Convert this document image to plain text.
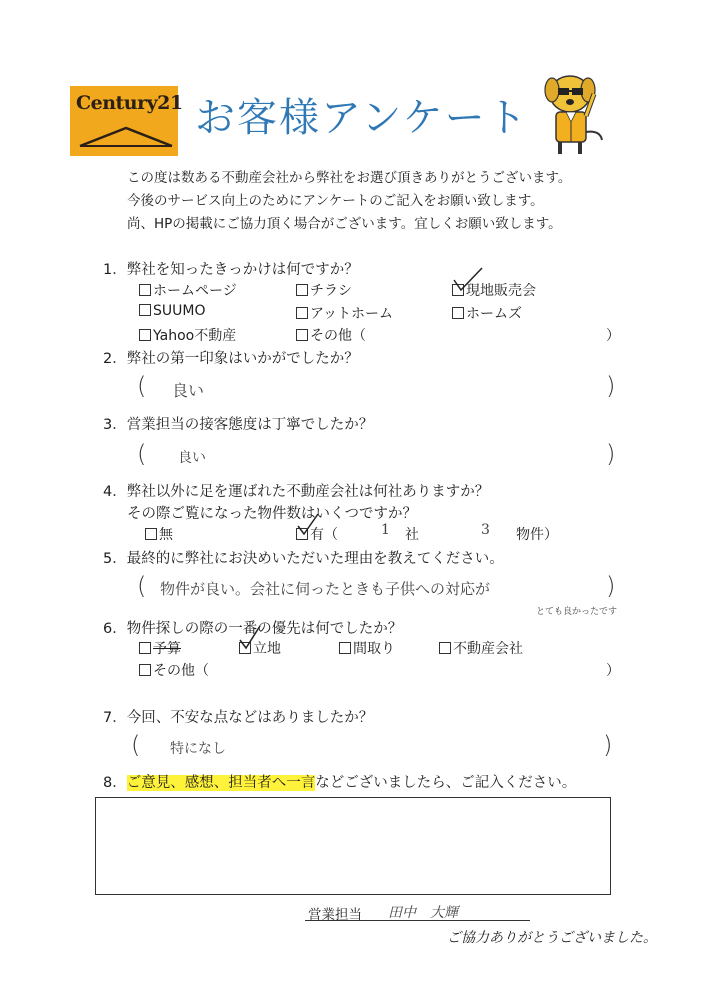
Century21 お客様アンケート
この度は数ある不動産会社から弊社をお選び頂きありがとうございます。
今後のサービス向上のためにアンケートのご記入をお願い致します。
尚、HPの掲載にご協力頂く場合がございます。宜しくお願い致します。
1．弊社を知ったきっかけは何ですか？
ホームページ	チラシ	現地販売会
SUUMO	アットホーム	ホームズ
Yahoo不動産	その他（	）
2．弊社の第一印象はいかがでしたか？
( 良い	)
3．営業担当の接客態度は丁寧でしたか？
( 良い	)
4．弊社以外に足を運ばれた不動産会社は何社ありますか？
その際ご覧になった物件数はいくつですか？
無	有（	1 社	3 物件）
5．最終的に弊社にお決めいただいた理由を教えてください。
( 物件が良い。会社に伺ったときも子供への対応が
とても良かったです
)
6．物件探しの際の一番の優先は何でしたか？
予算	立地	間取り	不動産会社
その他（	）
7．今回、不安な点などはありましたか？
( 特になし	)
8．ご意見、感想、担当者へ一言などございましたら、ご記入ください。
営業担当 田中　大輝
ご協力ありがとうございました。
